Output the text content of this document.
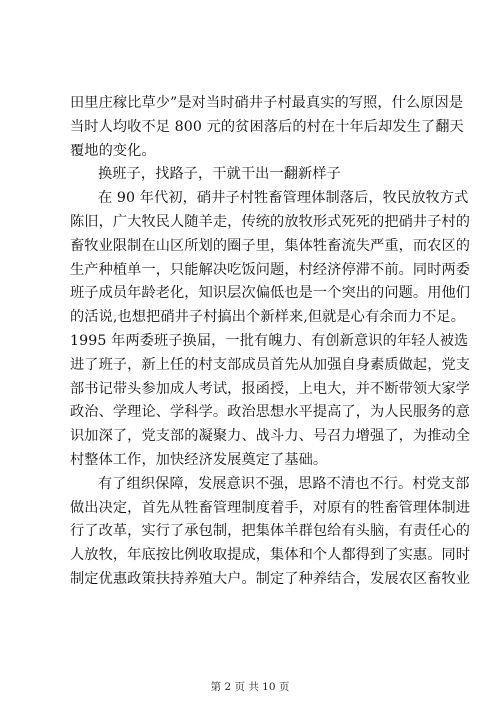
田里庄稼比草少”是对当时硝井子村最真实的写照，什么原因是
当时人均收不足 800 元的贫困落后的村在十年后却发生了翻天
覆地的变化。
换班子，找路子，干就干出一翻新样子
在 90 年代初，硝井子村牲畜管理体制落后，牧民放牧方式
陈旧，广大牧民人随羊走，传统的放牧形式死死的把硝井子村的
畜牧业限制在山区所划的圈子里，集体牲畜流失严重，而农区的
生产种植单一，只能解决吃饭问题，村经济停滞不前。同时两委
班子成员年龄老化，知识层次偏低也是一个突出的问题。用他们
的活说,也想把硝井子村搞出个新样来,但就是心有余而力不足。
1995 年两委班子换届，一批有魄力、有创新意识的年轻人被选
进了班子，新上任的村支部成员首先从加强自身素质做起，党支
部书记带头参加成人考试，报函授，上电大，并不断带领大家学
政治、学理论、学科学。政治思想水平提高了，为人民服务的意
识加深了，党支部的凝聚力、战斗力、号召力增强了，为推动全
村整体工作，加快经济发展奠定了基础。
有了组织保障，发展意识不强，思路不清也不行。村党支部
做出决定，首先从牲畜管理制度着手，对原有的牲畜管理体制进
行了改革，实行了承包制，把集体羊群包给有头脑，有责任心的
人放牧，年底按比例收取提成，集体和个人都得到了实惠。同时
制定优惠政策扶持养殖大户。制定了种养结合，发展农区畜牧业
第 2 页 共 10 页
